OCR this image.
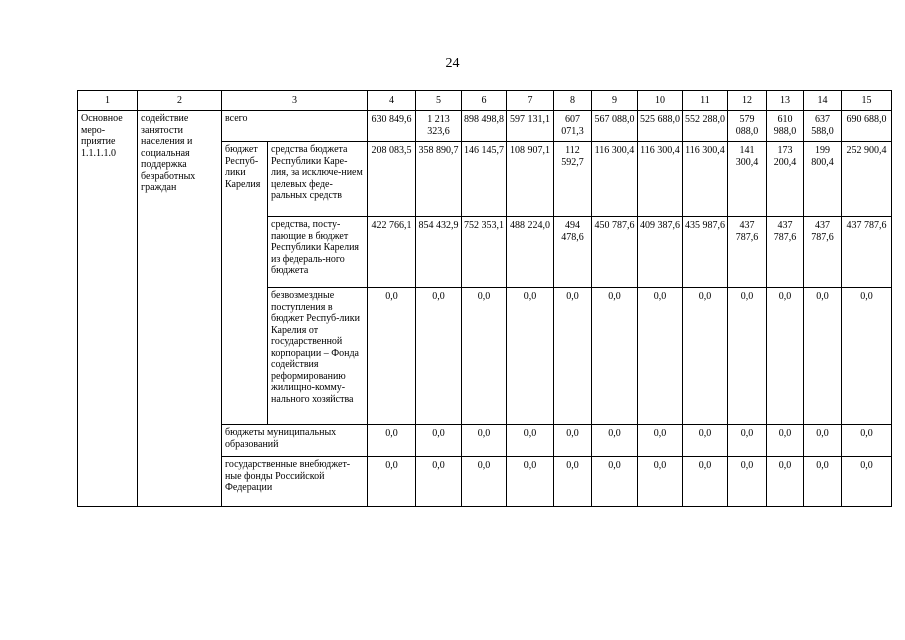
24
1	2	3		4	5	6	7	8	9	10	11	12	13	14	15
Основное меро-приятие 1.1.1.1.0	содействие занятости населения и социальная поддержка безработных граждан	всего		630 849,6	1 213 323,6	898 498,8	597 131,1	607 071,3	567 088,0	525 688,0	552 288,0	579 088,0	610 988,0	637 588,0	690 688,0
		бюджет Респуб-лики Карелия	средства бюджета Республики Каре-лия, за исключе-нием целевых феде-ральных средств	208 083,5	358 890,7	146 145,7	108 907,1	112 592,7	116 300,4	116 300,4	116 300,4	141 300,4	173 200,4	199 800,4	252 900,4
			средства, посту-пающие в бюджет Республики Карелия из федераль-ного бюджета	422 766,1	854 432,9	752 353,1	488 224,0	494 478,6	450 787,6	409 387,6	435 987,6	437 787,6	437 787,6	437 787,6	437 787,6
			безвозмездные поступления в бюджет Респуб-лики Карелия от государственной корпорации – Фонда содействия реформированию жилищно-комму-нального хозяйства	0,0	0,0	0,0	0,0	0,0	0,0	0,0	0,0	0,0	0,0	0,0	0,0
		бюджеты муниципальных образований		0,0	0,0	0,0	0,0	0,0	0,0	0,0	0,0	0,0	0,0	0,0	0,0
		государственные внебюджет-ные фонды Российской Федерации		0,0	0,0	0,0	0,0	0,0	0,0	0,0	0,0	0,0	0,0	0,0	0,0
